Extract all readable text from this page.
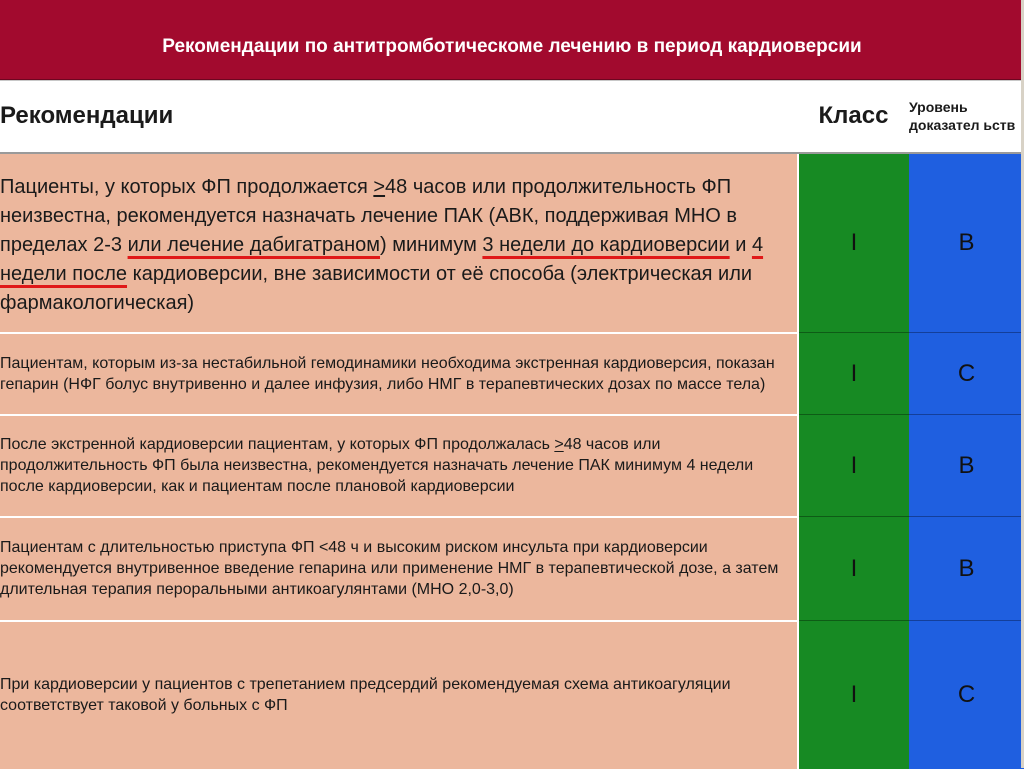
Рекомендации по антитромботическоме лечению в период кардиоверсии
Рекомендации	Класс	Уровень доказател ьств
Пациенты, у которых ФП продолжается ≥48 часов или продолжительность ФП неизвестна, рекомендуется назначать лечение ПАК (АВК, поддерживая МНО в пределах 2-3 или лечение дабигатраном) минимум 3 недели до кардиоверсии и 4 недели после кардиоверсии, вне зависимости от её способа (электрическая или фармакологическая)	I	B
Пациентам, которым из-за нестабильной гемодинамики необходима экстренная кардиоверсия, показан гепарин (НФГ болус внутривенно и далее инфузия, либо НМГ в терапевтических дозах по массе тела)	I	C
После экстренной кардиоверсии пациентам, у которых ФП продолжалась ≥48 часов или продолжительность ФП была неизвестна, рекомендуется назначать лечение ПАК минимум 4 недели после кардиоверсии, как и пациентам после плановой кардиоверсии	I	B
Пациентам с длительностью приступа ФП <48 ч и высоким риском инсульта при кардиоверсии рекомендуется внутривенное введение гепарина или применение НМГ в терапевтической дозе, а затем длительная терапия пероральными антикоагулянтами (МНО 2,0-3,0)	I	B
При кардиоверсии у пациентов с трепетанием предсердий рекомендуемая схема антикоагуляции соответствует таковой у больных с ФП	I	C
